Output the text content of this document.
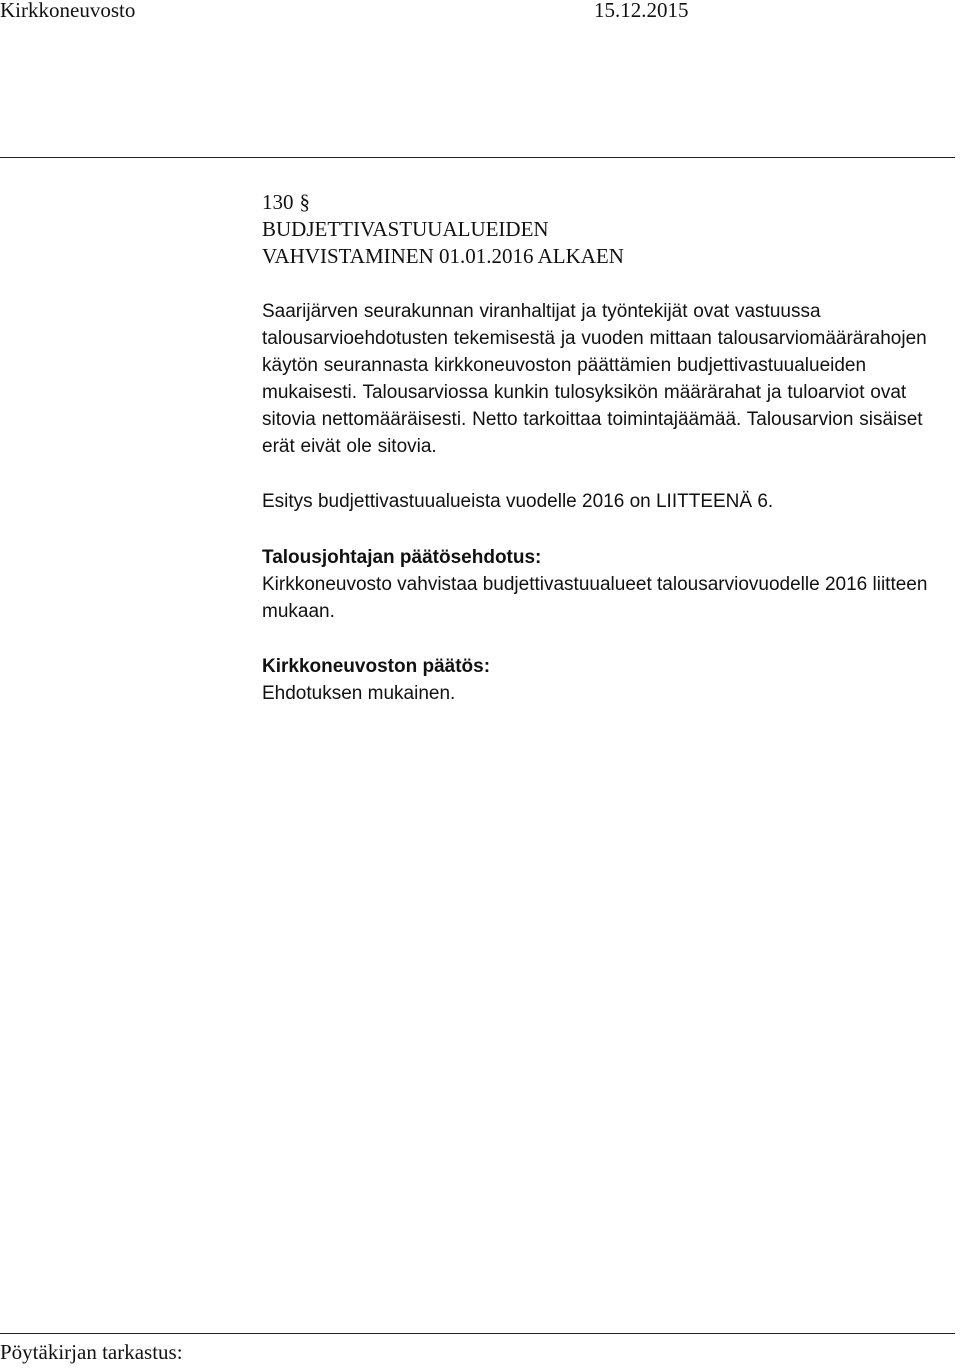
Kirkkoneuvosto	15.12.2015
130 §
BUDJETTIVASTUUALUEIDEN VAHVISTAMINEN 01.01.2016 ALKAEN
Saarijärven seurakunnan viranhaltijat ja työntekijät ovat vastuussa talousarvioehdotusten tekemisestä ja vuoden mittaan talousarviomäärärahojen käytön seurannasta kirkkoneuvoston päättämien budjettivastuualueiden mukaisesti. Talousarviossa kunkin tulosyksikön määrärahat ja tuloarviot ovat sitovia nettomääräisesti. Netto tarkoittaa toimintajäämää. Talousarvion sisäiset erät eivät ole sitovia.
Esitys budjettivastuualueista vuodelle 2016 on LIITTEENÄ 6.
Talousjohtajan päätösehdotus:
Kirkkoneuvosto vahvistaa budjettivastuualueet talousarviovuodelle 2016 liitteen mukaan.
Kirkkoneuvoston päätös:
Ehdotuksen mukainen.
Pöytäkirjan tarkastus:
